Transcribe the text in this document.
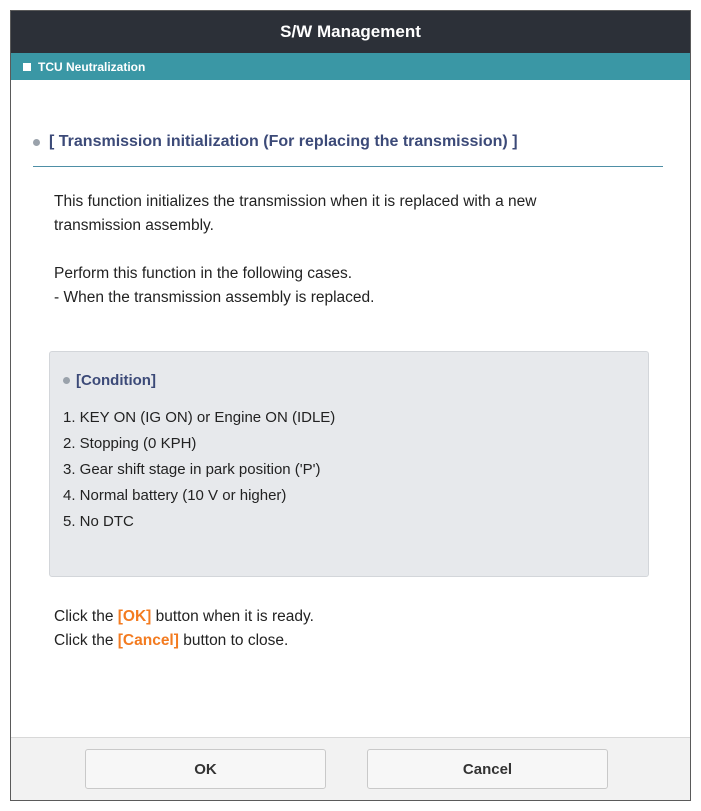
S/W Management
TCU Neutralization
[ Transmission initialization (For replacing the transmission) ]

This function initializes the transmission when it is replaced with a new
transmission assembly.

Perform this function in the following cases.
- When the transmission assembly is replaced.

[Condition]
1. KEY ON (IG ON) or Engine ON (IDLE)
2. Stopping (0 KPH)
3. Gear shift stage in park position ('P')
4. Normal battery (10 V or higher)
5. No DTC
Click the [OK] button when it is ready.
Click the [Cancel] button to close.
OK	Cancel
